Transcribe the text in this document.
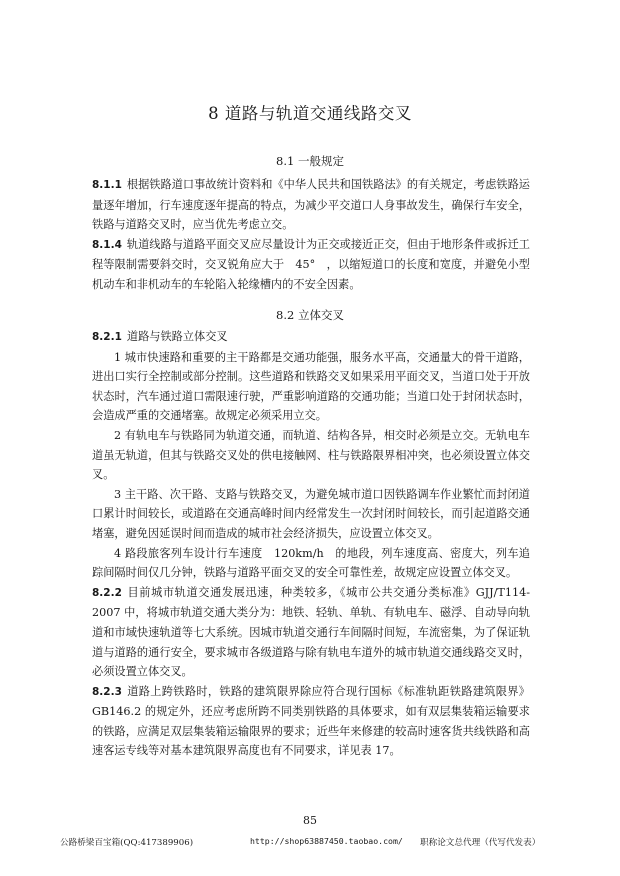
8 道路与轨道交通线路交叉
8.1 一般规定

8.1.1 根据铁路道口事故统计资料和《中华人民共和国铁路法》的有关规定，考虑铁路运量逐年增加，行车速度逐年提高的特点，为减少平交道口人身事故发生，确保行车安全，铁路与道路交叉时，应当优先考虑立交。

8.1.4 轨道线路与道路平面交叉应尽量设计为正交或接近正交，但由于地形条件或拆迁工程等限制需要斜交时，交叉锐角应大于　45°　，以缩短道口的长度和宽度，并避免小型机动车和非机动车的车轮陷入轮缘槽内的不安全因素。

8.2 立体交叉

8.2.1 道路与铁路立体交叉

1 城市快速路和重要的主干路都是交通功能强，服务水平高，交通量大的骨干道路，进出口实行全控制或部分控制。这些道路和铁路交叉如果采用平面交叉，当道口处于开放状态时，汽车通过道口需限速行驶，严重影响道路的交通功能；当道口处于封闭状态时，会造成严重的交通堵塞。故规定必须采用立交。

2 有轨电车与铁路同为轨道交通，而轨道、结构各异，相交时必须是立交。无轨电车道虽无轨道，但其与铁路交叉处的供电接触网、柱与铁路限界相冲突，也必须设置立体交叉。

3 主干路、次干路、支路与铁路交叉，为避免城市道口因铁路调车作业繁忙而封闭道口累计时间较长，或道路在交通高峰时间内经常发生一次封闭时间较长，而引起道路交通堵塞，避免因延误时间而造成的城市社会经济损失，应设置立体交叉。

4 路段旅客列车设计行车速度　120km/h　的地段，列车速度高、密度大，列车追踪间隔时间仅几分钟，铁路与道路平面交叉的安全可靠性差，故规定应设置立体交叉。

8.2.2 目前城市轨道交通发展迅速，种类较多，《城市公共交通分类标准》GJJ/T114-2007 中，将城市轨道交通大类分为：地铁、轻轨、单轨、有轨电车、磁浮、自动导向轨道和市域快速轨道等七大系统。因城市轨道交通行车间隔时间短，车流密集，为了保证轨道与道路的通行安全，要求城市各级道路与除有轨电车道外的城市轨道交通线路交叉时，必须设置立体交叉。

8.2.3 道路上跨铁路时，铁路的建筑限界除应符合现行国标《标准轨距铁路建筑限界》GB146.2 的规定外，还应考虑所跨不同类别铁路的具体要求，如有双层集装箱运输要求的铁路，应满足双层集装箱运输限界的要求；近些年来修建的较高时速客货共线铁路和高速客运专线等对基本建筑限界高度也有不同要求，详见表 17。

85
公路桥梁百宝箱(QQ:417389906)	http://shop63887450.taobao.com/ 职称论文总代理（代写代发表）
